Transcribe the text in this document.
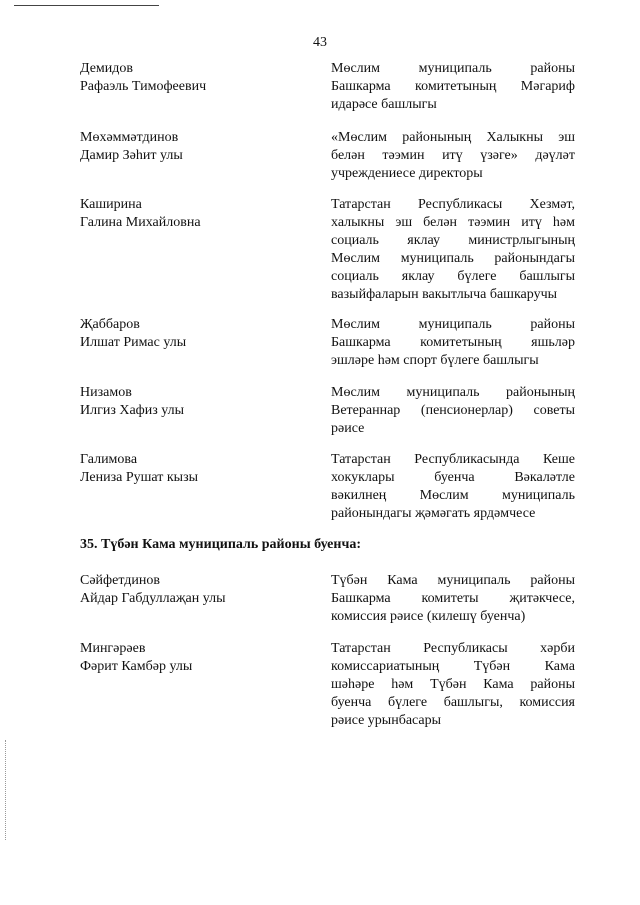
43
Демидов
Рафаэль Тимофеевич
Мөслим муниципаль районы
Башкарма комитетының Мәгариф
идарәсе башлыгы
Мөхәммәтдинов
Дамир Зәһит улы
«Мөслим районының Халыкны эш
белән тәэмин итү үзәге» дәүләт
учреждениесе директоры
Каширина
Галина Михайловна
Татарстан Республикасы Хезмәт,
халыкны эш белән тәэмин итү һәм
социаль яклау министрлыгының
Мөслим муниципаль районындагы
социаль яклау бүлеге башлыгы
вазыйфаларын вакытлыча башкаручы
Җаббаров
Илшат Римас улы
Мөслим муниципаль районы
Башкарма комитетының яшьләр
эшләре һәм спорт бүлеге башлыгы
Низамов
Илгиз Хафиз улы
Мөслим муниципаль районының
Ветераннар (пенсионерлар) советы
рәисе
Галимова
Лениза Рушат кызы
Татарстан Республикасында Кеше
хокуклары буенча Вәкаләтле
вәкилнең Мөслим муниципаль
районындагы җәмәгать ярдәмчесе
35. Түбән Кама муниципаль районы буенча:
Сәйфетдинов
Айдар Габдуллаҗан улы
Түбән Кама муниципаль районы
Башкарма комитеты җитәкчесе,
комиссия рәисе (килешү буенча)
Мингәрәев
Фәрит Камбәр улы
Татарстан Республикасы хәрби
комиссариатының Түбән Кама
шәһәре һәм Түбән Кама районы
буенча бүлеге башлыгы, комиссия
рәисе урынбасары
